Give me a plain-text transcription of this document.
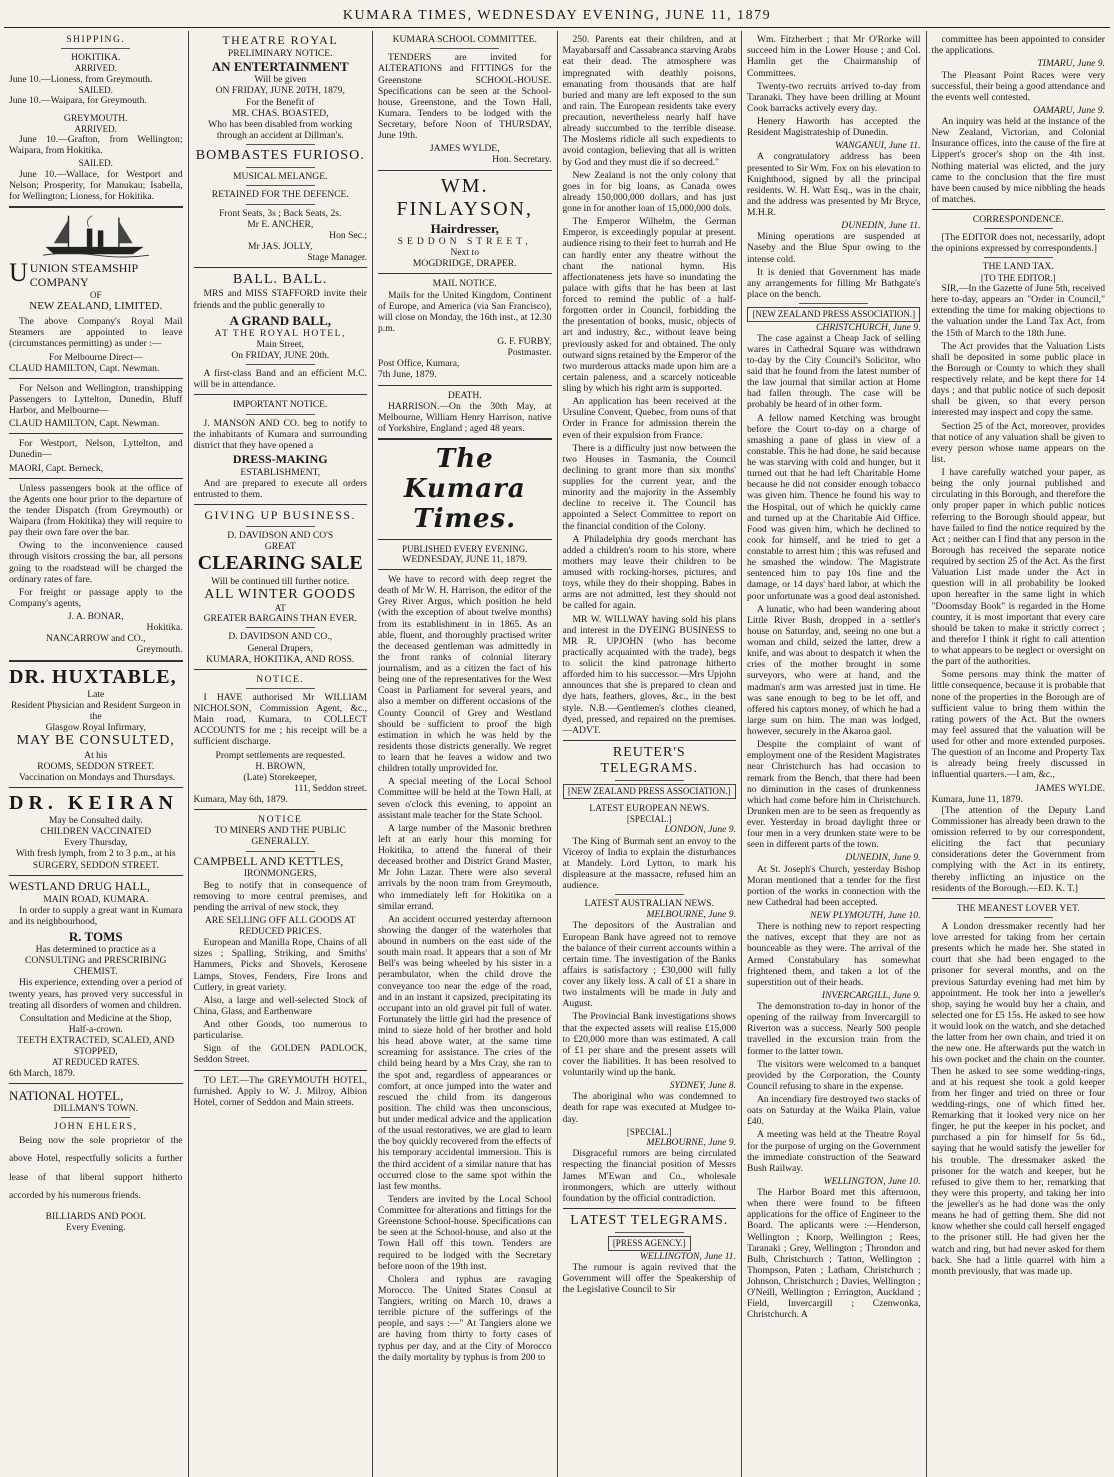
KUMARA TIMES, WEDNESDAY EVENING, JUNE 11, 1879
SHIPPING.
HOKITIKA.
ARRIVED.
June 10.—Lioness, from Greymouth.
SAILED.
June 10.—Waipara, for Greymouth.
GREYMOUTH.
ARRIVED.
June 10.—Grafton, from Wellington; Waipara, from Hokitika.
SAILED.
June 10.—Wallace, for Westport and Nelson; Prosperity, for Manukau; Isabella, for Wellington; Lioness, for Hokitika.
UUNION STEAMSHIP COMPANY
OF
NEW ZEALAND, LIMITED.
The above Company's Royal Mail Steamers are appointed to leave (circumstances permitting) as under :—
For Melbourne Direct—
CLAUD HAMILTON, Capt. Newman.
For Nelson and Wellington, transhipping Passengers to Lyttelton, Dunedin, Bluff Harbor, and Melbourne—
CLAUD HAMILTON, Capt. Newman.
For Westport, Nelson, Lyttelton, and Dunedin—
MAORI, Capt. Berneck,
Unless passengers book at the office of the Agents one hour prior to the departure of the tender Dispatch (from Greymouth) or Waipara (from Hokitika) they will require to pay their own fare over the bar.
Owing to the inconvenience caused through visitors crossing the bar, all persons going to the roadstead will be charged the ordinary rates of fare.
For freight or passage apply to the Company's agents,
J. A. BONAR,
Hokitika.
NANCARROW and CO.,
Greymouth.
DR. HUXTABLE,
Late
Resident Physician and Resident Surgeon in the
Glasgow Royal Infirmary,
MAY BE CONSULTED,
At his
ROOMS, SEDDON STREET.
Vaccination on Mondays and Thursdays.
DR. KEIRAN
May be Consulted daily.
CHILDREN VACCINATED
Every Thursday,
With fresh lymph, from 2 to 3 p.m., at his
SURGERY, SEDDON STREET.
WESTLAND DRUG HALL,
MAIN ROAD, KUMARA.
In order to supply a great want in Kumara and its neighbourhood,
R. TOMS
Has determined to practice as a
CONSULTING and PRESCRIBING CHEMIST.
His experience, extending over a period of twenty years, has proved very successful in treating all disorders of women and children.
Consultation and Medicine at the Shop, Half-a-crown.
TEETH EXTRACTED, SCALED, AND STOPPED,
AT REDUCED RATES.
6th March, 1879.
NATIONAL HOTEL,
DILLMAN'S TOWN.
JOHN EHLERS,
Being now the sole proprietor of the above Hotel, respectfully solicits a further lease of that liberal support hitherto accorded by his numerous friends.
BILLIARDS AND POOL
Every Evening.
THEATRE ROYAL
PRELIMINARY NOTICE.
AN ENTERTAINMENT
Will be given
ON FRIDAY, JUNE 20TH, 1879,
For the Benefit of
MR. CHAS. BOASTED,
Who has been disabled from working through an accident at Dillman's.
BOMBASTES FURIOSO.
MUSICAL MELANGE.
RETAINED FOR THE DEFENCE.
Front Seats, 3s ; Back Seats, 2s.
Mr E. ANCHER,
Hon Sec.;
Mr JAS. JOLLY,
Stage Manager.
BALL. BALL.
MRS and MISS STAFFORD invite their friends and the public generally to
A GRAND BALL,
AT THE ROYAL HOTEL,
Main Street,
On FRIDAY, JUNE 20th.
A first-class Band and an efficient M.C. will be in attendance.
IMPORTANT NOTICE.
J. MANSON AND CO. beg to notify to the inhabitants of Kumara and surrounding district that they have opened a
DRESS-MAKING
ESTABLISHMENT,
And are prepared to execute all orders entrusted to them.
GIVING UP BUSINESS.
D. DAVIDSON AND CO'S
GREAT
CLEARING SALE
Will be continued till further notice.
ALL WINTER GOODS
AT
GREATER BARGAINS THAN EVER.
D. DAVIDSON AND CO.,
General Drapers,
KUMARA, HOKITIKA, AND ROSS.
NOTICE.
I HAVE authorised Mr WILLIAM NICHOLSON, Commission Agent, &c., Main road, Kumara, to COLLECT ACCOUNTS for me ; his receipt will be a sufficient discharge.
Prompt settlements are requested.
H. BROWN,
(Late) Storekeeper,
111, Seddon street.
Kumara, May 6th, 1879.
NOTICE
TO MINERS AND THE PUBLIC GENERALLY.
CAMPBELL AND KETTLES,
IRONMONGERS,
Beg to notify that in consequence of removing to more central premises, and pending the arrival of new stock, they
ARE SELLING OFF ALL GOODS AT REDUCED PRICES.
European and Manilla Rope, Chains of all sizes ; Spalling, Striking, and Smiths' Hammers, Picks and Shovels, Kerosene Lamps, Stoves, Fenders, Fire Irons and Cutlery, in great variety.
Also, a large and well-selected Stock of China, Glass, and Earthenware
And other Goods, too numerous to particularise.
Sign of the GOLDEN PADLOCK, Seddon Street.
TO LET.—The GREYMOUTH HOTEL, furnished. Apply to W. J. Milroy, Albion Hotel, corner of Seddon and Main streets.
KUMARA SCHOOL COMMITTEE.
TENDERS are invited for ALTERATIONS and FITTINGS for the Greenstone SCHOOL-HOUSE. Specifications can be seen at the School-house, Greenstone, and the Town Hall, Kumara. Tenders to be lodged with the Secretary, before Noon of THURSDAY, June 19th.
JAMES WYLDE,
Hon. Secretary.
WM. FINLAYSON,
Hairdresser,
SEDDON STREET,
Next to
MOGDRIDGE, DRAPER.
MAIL NOTICE.
Mails for the United Kingdom, Continent of Europe, and America (via San Francisco), will close on Monday, the 16th inst., at 12.30 p.m.
G. F. FURBY,
Postmaster.
Post Office, Kumara,
7th June, 1879.
DEATH.
HARRISON.—On the 30th May, at Melbourne, William Henry Harrison, native of Yorkshire, England ; aged 48 years.
The Kumara Times.
PUBLISHED EVERY EVENING.
WEDNESDAY, JUNE 11, 1879.
We have to record with deep regret the death of Mr W. H. Harrison, the editor of the Grey River Argus, which position he held (with the exception of about twelve months) from its establishment in in 1865. As an able, fluent, and thoroughly practised writer the deceased gentleman was admittedly in the front ranks of colonial literary journalism, and as a citizen the fact of his being one of the representatives for the West Coast in Parliament for several years, and also a member on different occasions of the County Council of Grey and Westland should be sufficient to proof the high estimation in which he was held by the residents those districts generally. We regret to learn that he leaves a widow and two children totally unprovided for.
A special meeting of the Local School Committee will be held at the Town Hall, at seven o'clock this evening, to appoint an assistant male teacher for the State School.
A large number of the Masonic brethren left at an early hour this morning for Hokitika, to attend the funeral of their deceased brother and District Grand Master, Mr John Lazar. There were also several arrivals by the noon tram from Greymouth, who immediately left for Hokitika on a similar errand.
An accident occurred yesterday afternoon showing the danger of the waterholes that abound in numbers on the east side of the south main road. It appears that a son of Mr Bell's was being wheeled by his sister in a perambulator, when the child drove the conveyance too near the edge of the road, and in an instant it capsized, precipitating its occupant into an old gravel pit full of water. Fortunately the little girl had the presence of mind to sieze hold of her brother and hold his head above water, at the same time screaming for assistance. The cries of the child being heard by a Mrs Cray, she ran to the spot and, regardless of appearances or comfort, at once jumped into the water and rescued the child from its dangerous position. The child was then unconscious, but under medical advice and the application of the usual restoratives, we are glad to learn the boy quickly recovered from the effects of his temporary accidental immersion. This is the third accident of a similar nature that has occurred close to the same spot within the last few months.
Tenders are invited by the Local School Committee for alterations and fittings for the Greenstone School-house. Specifications can be seen at the School-house, and also at the Town Hall off this town. Tenders are required to be lodged with the Secretary before noon of the 19th inst.
Cholera and typhus are ravaging Morocco. The United States Consul at Tangiers, writing on March 10, draws a terrible picture of the sufferings of the people, and says :—" At Tangiers alone we are having from thirty to forty cases of typhus per day, and at the City of Morocco the daily mortality by typhus is from 200 to
250. Parents eat their children, and at Mayabarsaff and Cassabranca starving Arabs eat their dead. The atmosphere was impregnated with deathly poisons, emanating from thousands that are half buried and many are left exposed to the sun and rain. The European residents take every precaution, nevertheless nearly half have already succumbed to the terrible disease. The Moslems ridicle all such expedients to avoid contagion, believing that all is written by God and they must die if so decreed."
New Zealand is not the only colony that goes in for big loans, as Canada owes already 150,000,000 dollars, and has just gone in for another loan of 15,000,000 dols.
The Emperor Wilhelm, the German Emperor, is exceedingly popular at present. audience rising to their feet to hurrah and He can hardly enter any theatre without the chant the national hymn. His affectionateness jets have so inundating the palace with gifts that he has been at last forced to remind the public of a half-forgotten order in Council, forbidding the the presentation of books, music, objects of art and industry, &c., without leave being previously asked for and obtained. The only outward signs retained by the Emperor of the two murderous attacks made upon him are a certain paleness, and a scarcely noticeable sling by which his right arm is supported.
An application has been received at the Ursuline Convent, Quebec, from nuns of that Order in France for admission therein the even of their expulsion from France.
There is a difficulty just now between the two Houses in Tasmania, the Council declining to grant more than six months' supplies for the current year, and the minority and the majority in the Assembly decline to receive it. The Council has appointed a Select Committee to report on the financial condition of the Colony.
A Philadelphia dry goods merchant has added a children's room to his store, where mothers may leave their children to be amused with rocking-horses, pictures, and toys, while they do their shopping. Babes in arms are not admitted, lest they should not be called for again.
MR W. WILLWAY having sold his plans and interest in the DYEING BUSINESS to MR R. UPJOHN (who has become practically acquainted with the trade), begs to solicit the kind patronage hitherto afforded him to his successor.—Mrs Upjohn announces that she is prepared to clean and dye hats, feathers, gloves, &c., in the best style. N.B.—Gentlemen's clothes cleaned, dyed, pressed, and repaired on the premises.—ADVT.
REUTER'S TELEGRAMS.
[NEW ZEALAND PRESS ASSOCIATION.]
LATEST EUROPEAN NEWS.
[SPECIAL.]
LONDON, June 9.
The King of Burmah sent an envoy to the Viceroy of India to explain the disturbances at Mandely. Lord Lytton, to mark his displeasure at the massacre, refused him an audience.
LATEST AUSTRALIAN NEWS.
MELBOURNE, June 9.
The depositors of the Australian and European Bank have agreed not to remove the balance of their current accounts within a certain time. The investigation of the Banks affairs is satisfactory ; £30,000 will fully cover any likely loss. A call of £1 a share in two instalments will be made in July and August.
The Provincial Bank investigations shows that the expected assets will realise £15,000 to £20,000 more than was estimated. A call of £1 per share and the present assets will cover the liabilities. It has been resolved to voluntarily wind up the bank.
SYDNEY, June 8.
The aboriginal who was condemned to death for rape was executed at Mudgee to-day.
[SPECIAL.]
MELBOURNE, June 9.
Disgraceful rumors are being circulated respecting the financial position of Messrs James M'Ewan and Co., wholesale ironmongers, which are utterly without foundation by the official contradiction.
LATEST TELEGRAMS.
[PRESS AGENCY.]
WELLINGTON, June 11.
The rumour is again revived that the Government will offer the Speakership of the Legislative Council to Sir
Wm. Fitzherbert ; that Mr O'Rorke will succeed him in the Lower House ; and Col. Hamlin get the Chairmanship of Committees.
Twenty-two recruits arrived to-day from Taranaki. They have been drilling at Mount Cook barracks actively every day.
Henery Haworth has accepted the Resident Magistrateship of Dunedin.
WANGANUI, June 11.
A congratulatory address has been presented to Sir Wm. Fox on his elevation to Knighthood, signed by all the principal residents. W. H. Watt Esq., was in the chair, and the address was presented by Mr Bryce, M.H.R.
DUNEDIN, June 11.
Mining operations are suspended at Naseby and the Blue Spur owing to the intense cold.
It is denied that Government has made any arrangements for filling Mr Bathgate's place on the bench.
[NEW ZEALAND PRESS ASSOCIATION.]
CHRISTCHURCH, June 9.
The case against a Cheap Jack of selling wares in Cathedral Square was withdrawn to-day by the City Council's Solicitor, who said that he found from the latest number of the law journal that similar action at Home had fallen through. The case will be probably be heard of in other form.
A fellow named Ketching was brought before the Court to-day on a charge of smashing a pane of glass in view of a constable. This he had done, he said because he was starving with cold and hunger, but it turned out that he had left Charitable Home because he did not consider enough tobacco was given him. Thence he found his way to the Hospital, out of which he quickly came and turned up at the Charitable Aid Office. Food was given him, which he declined to cook for himself, and he tried to get a constable to arrest him ; this was refused and he smashed the window. The Magistrate sentenced him to pay 10s fine and the damage, or 14 days' hard labor, at which the poor unfortunate was a good deal astonished.
A lunatic, who had been wandering about Little River Bush, dropped in a settler's house on Saturday, and, seeing no one but a woman and child, seized the latter, drew a knife, and was about to despatch it when the cries of the mother brought in some surveyors, who were at hand, and the madman's arm was arrested just in time. He was sane enough to beg to be let off, and offered his captors money, of which he had a large sum on him. The man was lodged, however, securely in the Akaroa gaol.
Despite the complaint of want of employment one of the Resident Magistrates near Christchurch has had occasion to remark from the Bench, that there had been no diminution in the cases of drunkenness which had come before him in Christchurch. Drunken men are to be seen as frequently as ever. Yesterday in broad daylight three or four men in a very drunken state were to be seen in different parts of the town.
DUNEDIN, June 9.
At St. Joseph's Church, yesterday Bishop Moran mentioned that a tender for the first portion of the works in connection with the new Cathedral had been accepted.
NEW PLYMOUTH, June 10.
There is nothing new to report respecting the natives, except that they are not as bounceable as they were. The arrival of the Armed Constabulary has somewhat frightened them, and taken a lot of the superstition out of their heads.
INVERCARGILL, June 9.
The demonstration to-day in honor of the opening of the railway from Invercargill to Riverton was a success. Nearly 500 people travelled in the excursion train from the former to the latter town.
The visitors were welcomed to a banquet provided by the Corporation, the County Council refusing to share in the expense.
An incendiary fire destroyed two stacks of oats on Saturday at the Waika Plain, value £40.
A meeting was held at the Theatre Royal for the purpose of urging on the Government the immediate construction of the Seaward Bush Railway.
WELLINGTON, June 10.
The Harbor Board met this afternoon, when there were found to be fifteen applications for the office of Engineer to the Board. The aplicants were :—Henderson, Wellington ; Knorp, Wellington ; Rees, Taranaki ; Grey, Wellington ; Throndon and Bulb, Christchurch ; Tatton, Wellington ; Thompson, Paten ; Latham, Christchurch ; Johnson, Christchurch ; Davies, Wellington ; O'Neill, Wellington ; Errington, Auckland ; Field, Invercargill ; Czenwonka, Christchurch. A
committee has been appointed to consider the applications.
TIMARU, June 9.
The Pleasant Point Races were very successful, their being a good attendance and the events well contested.
OAMARU, June 9.
An inquiry was held at the instance of the New Zealand, Victorian, and Colonial Insurance offices, into the cause of the fire at Lippert's grocer's shop on the 4th inst. Nothing material was elicted, and the jury came to the conclusion that the fire must have been caused by mice nibbling the heads of matches.
CORRESPONDENCE.
[The EDITOR does not, necessarily, adopt the opinions expressed by correspondents.]
THE LAND TAX.
[TO THE EDITOR.]
SIR,—In the Gazette of June 5th, received here to-day, appears an "Order in Council," extending the time for making objections to the valuation under the Land Tax Act, from the 15th of March to the 18th June.
The Act provides that the Valuation Lists shall be deposited in some public place in the Borough or County to which they shall respectively relate, and be kept there for 14 days ; and that public notice of such deposit shall be given, so that every person interested may inspect and copy the same.
Section 25 of the Act, moreover, provides that notice of any valuation shall be given to every person whose name appears on the list.
I have carefully watched your paper, as being the only journal published and circulating in this Borough, and therefore the only proper paper in which public notices referring to the Borough should appear, but have failed to find the notice required by the Act ; neither can I find that any person in the Borough has received the separate notice required by section 25 of the Act. As the first Valuation List made under the Act in question will in all probability be looked upon hereafter in the same light in which "Doomsday Book" is regarded in the Home country, it is most important that every care should be taken to make it strictly correct ; and therefor I think it right to call attention to what appears to be neglect or oversight on the part of the authorities.
Some persons may think the matter of little consequence, because it is probable that none of the properties in the Borough are of sufficient value to bring them within the rating powers of the Act. But the owners may feel assured that the valuation will be used for other and more extended purposes. The question of an Income and Property Tax is already being freely discussed in influential quarters.—I am, &c.,
JAMES WYLDE.
Kumara, June 11, 1879.
[The attention of the Deputy Land Commissioner has already been drawn to the omission referred to by our correspondent, eliciting the fact that pecuniary considerations deter the Government from complying with the Act in its entirety, thereby inflicting an injustice on the residents of the Borough.—ED. K. T.]
THE MEANEST LOVER YET.
A London dressmaker recently had her love arrested for taking from her certain presents which he made her. She stated in court that she had been engaged to the prisoner for several months, and on the previous Saturday evening had met him by appointment. He took her into a jeweller's shop, saying he would buy her a chain, and selected one for £5 15s. He asked to see how it would look on the watch, and she detached the latter from her own chain, and tried it on the new one. He afterwards put the watch in his own pocket and the chain on the counter. Then he asked to see some wedding-rings, and at his request she took a gold keeper from her finger and tried on three or four wedding-rings, one of which fitted her. Remarking that it looked very nice on her finger, he put the keeper in his pocket, and purchased a pin for himself for 5s 6d., saying that he would satisfy the jeweller for his trouble. The dressmaker asked the prisoner for the watch and keeper, but he refused to give them to her, remarking that they were this property, and taking her into the jeweller's as he had done was the only means he had of getting them. She did not know whether she could call herself engaged to the prisoner still. He had given her the watch and ring, but had never asked for them back. She had a little quarrel with him a month previously, that was made up.
